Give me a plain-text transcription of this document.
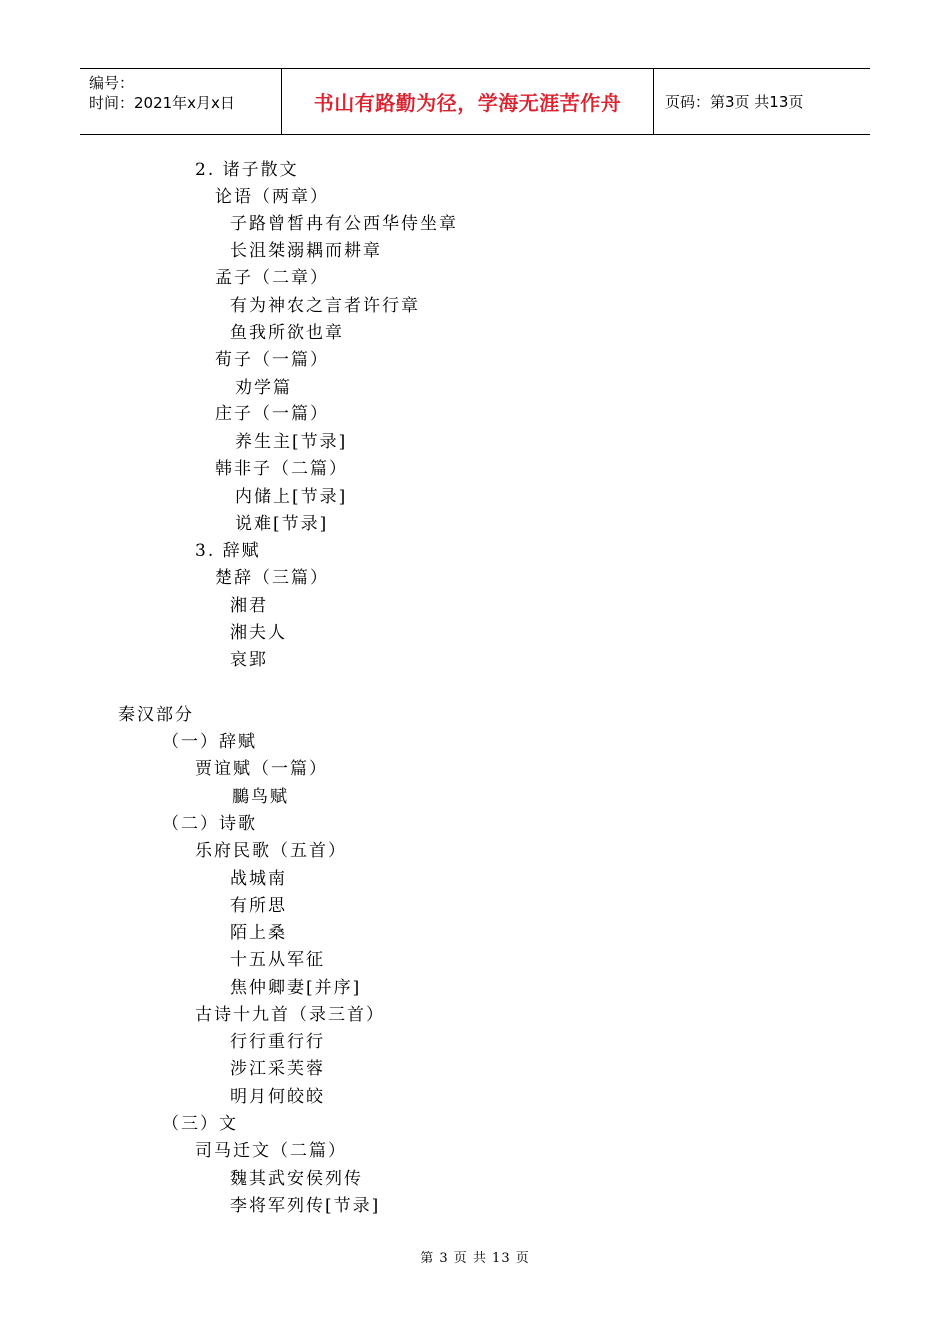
编号：
时间：2021年x月x日	书山有路勤为径，学海无涯苦作舟	页码：第3页 共13页
2. 诸子散文
论语（两章）
子路曾皙冉有公西华侍坐章
长沮桀溺耦而耕章
孟子（二章）
有为神农之言者许行章
鱼我所欲也章
荀子（一篇）
劝学篇
庄子（一篇）
养生主[节录]
韩非子（二篇）
内储上[节录]
说难[节录]
3. 辞赋
楚辞（三篇）
湘君
湘夫人
哀郢
秦汉部分
（一）辞赋
贾谊赋（一篇）
鵩鸟赋
（二）诗歌
乐府民歌（五首）
战城南
有所思
陌上桑
十五从军征
焦仲卿妻[并序]
古诗十九首（录三首）
行行重行行
涉江采芙蓉
明月何皎皎
（三）文
司马迁文（二篇）
魏其武安侯列传
李将军列传[节录]
第 3 页 共 13 页
